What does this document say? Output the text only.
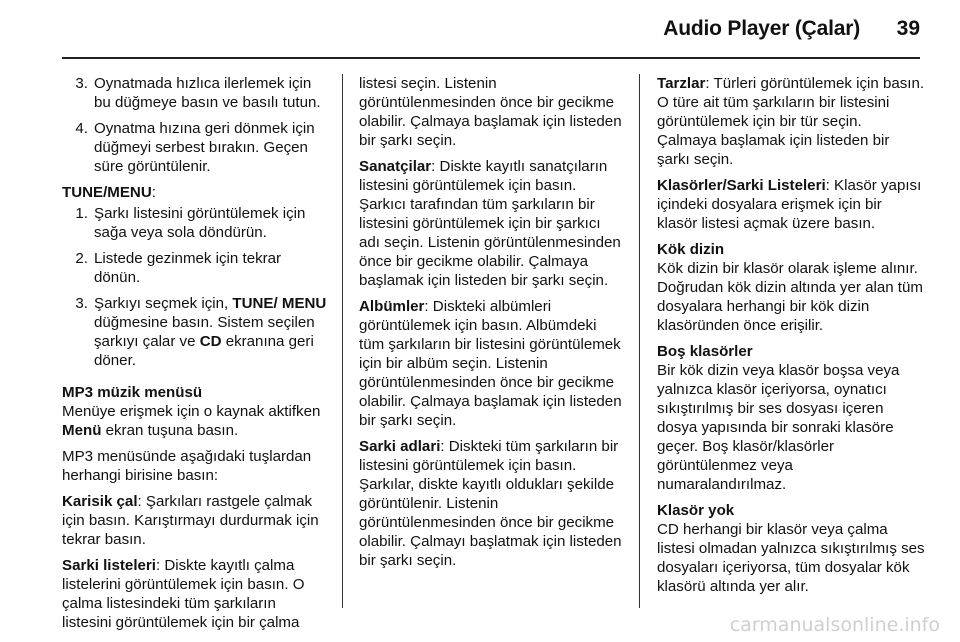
Audio Player (Çalar)	39
3. Oynatmada hızlıca ilerlemek için bu düğmeye basın ve basılı tutun.
4. Oynatma hızına geri dönmek için düğmeyi serbest bırakın. Geçen süre görüntülenir.
TUNE/MENU:
1. Şarkı listesini görüntülemek için sağa veya sola döndürün.
2. Listede gezinmek için tekrar dönün.
3. Şarkıyı seçmek için, TUNE/ MENU düğmesine basın. Sistem seçilen şarkıyı çalar ve CD ekranına geri döner.

MP3 müzik menüsü

Menüye erişmek için o kaynak aktifken Menü ekran tuşuna basın.

MP3 menüsünde aşağıdaki tuşlardan herhangi birisine basın:

Karisik çal: Şarkıları rastgele çalmak için basın. Karıştırmayı durdurmak için tekrar basın.

Sarki listeleri: Diskte kayıtlı çalma listelerini görüntülemek için basın. O çalma listesindeki tüm şarkıların listesini görüntülemek için bir çalma

listesi seçin. Listenin görüntülenmesinden önce bir gecikme olabilir. Çalmaya başlamak için listeden bir şarkı seçin.

Sanatçilar: Diskte kayıtlı sanatçıların listesini görüntülemek için basın. Şarkıcı tarafından tüm şarkıların bir listesini görüntülemek için bir şarkıcı adı seçin. Listenin görüntülenmesinden önce bir gecikme olabilir. Çalmaya başlamak için listeden bir şarkı seçin.

Albümler: Diskteki albümleri görüntülemek için basın. Albümdeki tüm şarkıların bir listesini görüntülemek için bir albüm seçin. Listenin görüntülenmesinden önce bir gecikme olabilir. Çalmaya başlamak için listeden bir şarkı seçin.

Sarki adlari: Diskteki tüm şarkıların bir listesini görüntülemek için basın. Şarkılar, diskte kayıtlı oldukları şekilde görüntülenir. Listenin görüntülenmesinden önce bir gecikme olabilir. Çalmayı başlatmak için listeden bir şarkı seçin.

Tarzlar: Türleri görüntülemek için basın. O türe ait tüm şarkıların bir listesini görüntülemek için bir tür seçin. Çalmaya başlamak için listeden bir şarkı seçin.

Klasörler/Sarki Listeleri: Klasör yapısı içindeki dosyalara erişmek için bir klasör listesi açmak üzere basın.

Kök dizin
Kök dizin bir klasör olarak işleme alınır. Doğrudan kök dizin altında yer alan tüm dosyalara herhangi bir kök dizin klasöründen önce erişilir.
Boş klasörler
Bir kök dizin veya klasör boşsa veya yalnızca klasör içeriyorsa, oynatıcı sıkıştırılmış bir ses dosyası içeren dosya yapısında bir sonraki klasöre geçer. Boş klasör/klasörler görüntülenmez veya numaralandırılmaz.
Klasör yok
CD herhangi bir klasör veya çalma listesi olmadan yalnızca sıkıştırılmış ses dosyaları içeriyorsa, tüm dosyalar kök klasörü altında yer alır.
carmanualsonline.info
